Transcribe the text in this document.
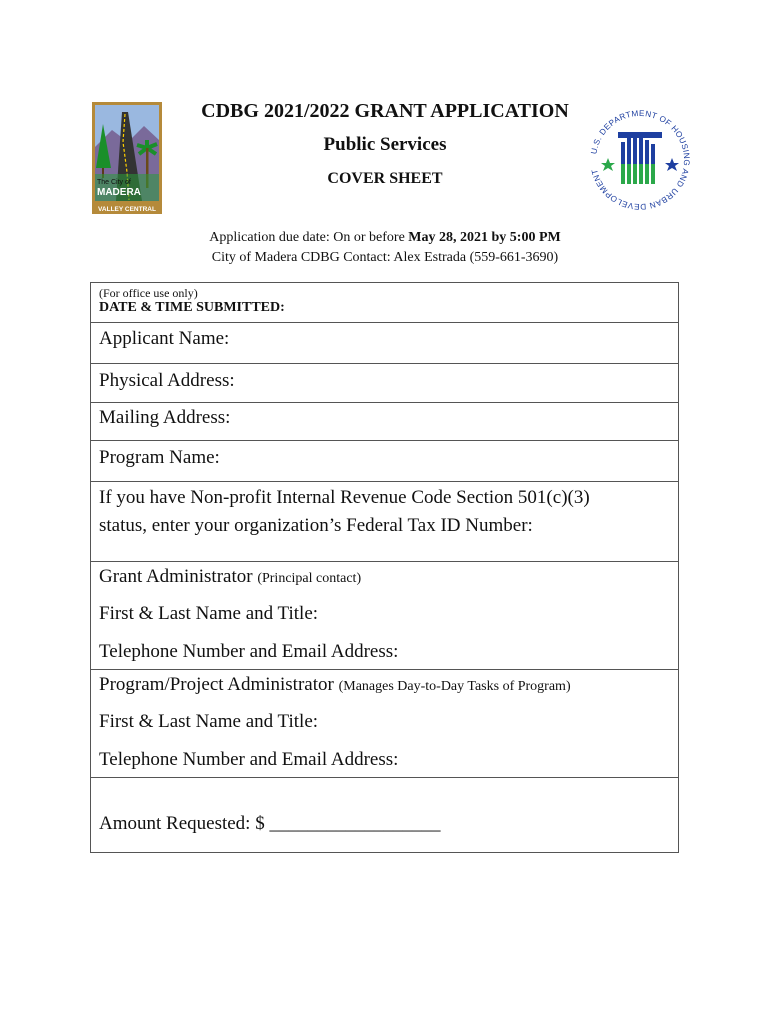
The City of
MADERA
VALLEY CENTRAL
U.S. DEPARTMENT OF HOUSING AND URBAN DEVELOPMENT
CDBG 2021/2022 GRANT APPLICATION
Public Services
COVER SHEET
Application due date: On or before May 28, 2021 by 5:00 PM
City of Madera CDBG Contact: Alex Estrada (559-661-3690)
(For office use only)
DATE & TIME SUBMITTED:
Applicant Name:
Physical Address:
Mailing Address:
Program Name:
If you have Non-profit Internal Revenue Code Section 501(c)(3)
status, enter your organization’s Federal Tax ID Number:
Grant Administrator (Principal contact)
First & Last Name and Title:
Telephone Number and Email Address:
Program/Project Administrator (Manages Day-to-Day Tasks of Program)
First & Last Name and Title:
Telephone Number and Email Address:
Amount Requested: $ __________________
